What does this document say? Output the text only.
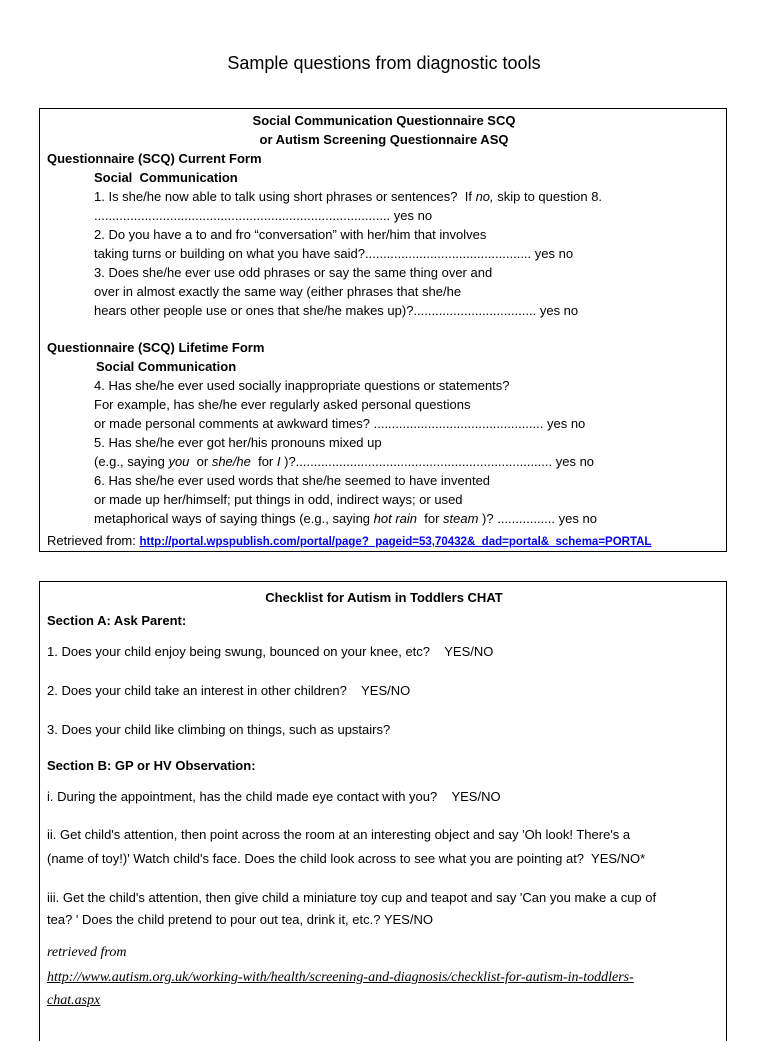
Sample questions from diagnostic tools
Social Communication Questionnaire SCQ
or Autism Screening Questionnaire ASQ
Questionnaire (SCQ) Current Form
Social  Communication
1. Is she/he now able to talk using short phrases or sentences?  If no, skip to question 8.
.................................................................................. yes no
2. Do you have a to and fro “conversation” with her/him that involves
taking turns or building on what you have said?.............................................. yes no
3. Does she/he ever use odd phrases or say the same thing over and
over in almost exactly the same way (either phrases that she/he
hears other people use or ones that she/he makes up)?.................................. yes no
Questionnaire (SCQ) Lifetime Form
Social Communication
4. Has she/he ever used socially inappropriate questions or statements?
For example, has she/he ever regularly asked personal questions
or made personal comments at awkward times? ............................................... yes no
5. Has she/he ever got her/his pronouns mixed up
(e.g., saying you  or she/he  for I )?....................................................................... yes no
6. Has she/he ever used words that she/he seemed to have invented
or made up her/himself; put things in odd, indirect ways; or used
metaphorical ways of saying things (e.g., saying hot rain  for steam )? ................ yes no
Retrieved from: http://portal.wpspublish.com/portal/page?_pageid=53,70432&_dad=portal&_schema=PORTAL
Checklist for Autism in Toddlers CHAT
Section A: Ask Parent:
1. Does your child enjoy being swung, bounced on your knee, etc?    YES/NO
2. Does your child take an interest in other children?    YES/NO
3. Does your child like climbing on things, such as upstairs?
Section B: GP or HV Observation:
i. During the appointment, has the child made eye contact with you?    YES/NO
ii. Get child's attention, then point across the room at an interesting object and say 'Oh look! There's a
(name of toy!)' Watch child's face. Does the child look across to see what you are pointing at?  YES/NO*
iii. Get the child's attention, then give child a miniature toy cup and teapot and say 'Can you make a cup of
tea? ' Does the child pretend to pour out tea, drink it, etc.? YES/NO
retrieved from
http://www.autism.org.uk/working-with/health/screening-and-diagnosis/checklist-for-autism-in-toddlers-
chat.aspx
